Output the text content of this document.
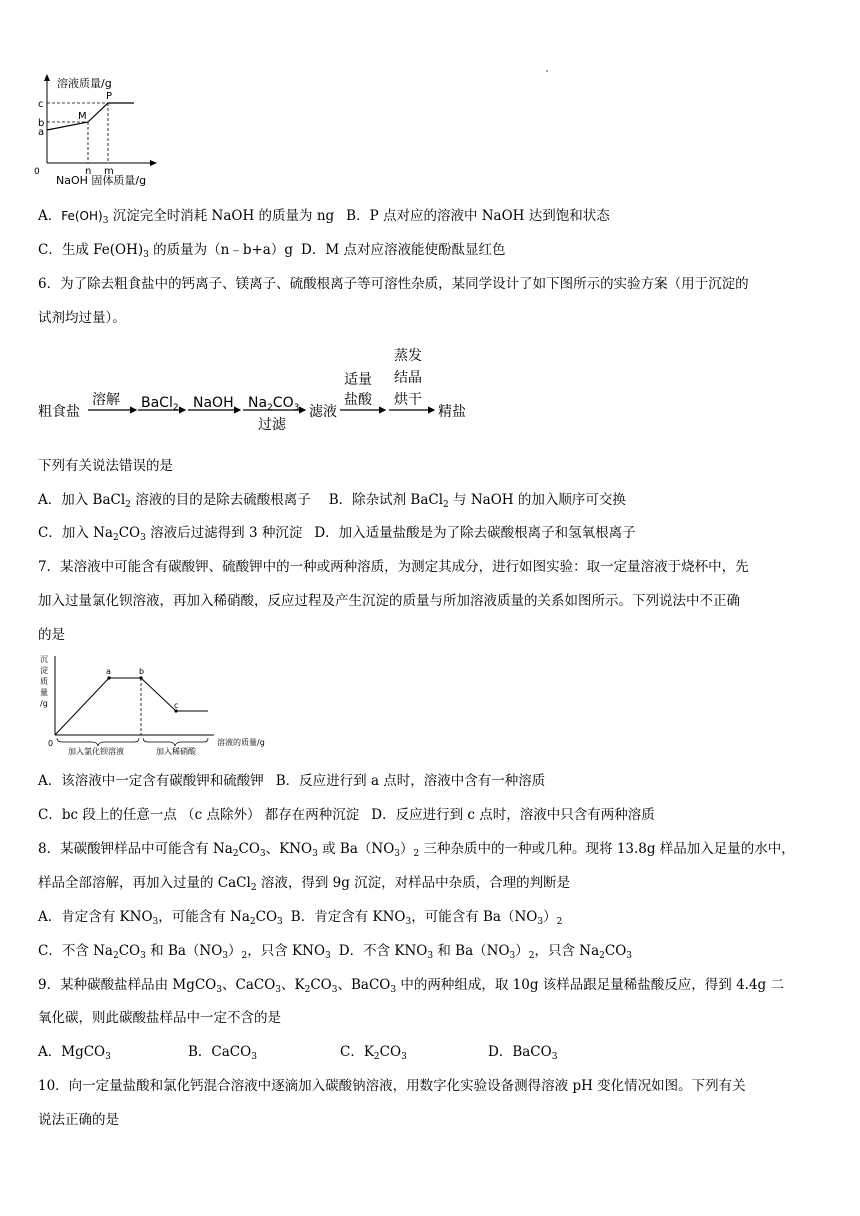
溶液质量/g
0
c
b
a
M
P
n m
NaOH 固体质量/g
A．$Fe(OH)_3$ 沉淀完全时消耗 NaOH 的质量为 ng B．P 点对应的溶液中 NaOH 达到饱和状态
C．生成 $Fe(OH)_3$ 的质量为（n﹣b+a）g D．M 点对应溶液能使酚酞显红色
6．为了除去粗食盐中的钙离子、镁离子、硫酸根离子等可溶性杂质，某同学设计了如下图所示的实验方案（用于沉淀的
试剂均过量）。
粗食盐
溶解 BaCl$_2$ NaOH $Na_2CO_3$
过滤
滤液
适量
盐酸
蒸发
结晶
烘干
精盐
下列有关说法错误的是
A．加入 BaCl$_2$ 溶液的目的是除去硫酸根离子 B．除杂试剂 BaCl$_2$ 与 NaOH 的加入顺序可交换
C．加入 $Na_2CO_3$ 溶液后过滤得到 3 种沉淀 D．加入适量盐酸是为了除去碳酸根离子和氢氧根离子
7．某溶液中可能含有碳酸钾、硫酸钾中的一种或两种溶质，为测定其成分，进行如图实验：取一定量溶液于烧杯中，先
加入过量氯化钡溶液，再加入稀硝酸，反应过程及产生沉淀的质量与所加溶液质量的关系如图所示。下列说法中不正确
的是
沉
淀
质
量
/g
0
a	b
c
加入氯化钡溶液	加入稀硝酸
溶液的质量/g
A．该溶液中一定含有碳酸钾和硫酸钾 B．反应进行到 a 点时，溶液中含有一种溶质
C．bc 段上的任意一点 （c 点除外） 都存在两种沉淀 D．反应进行到 c 点时，溶液中只含有两种溶质
8．某碳酸钾样品中可能含有 $Na_2CO_3$、$KNO_3$ 或 $Ba(NO_3)_2$ 三种杂质中的一种或几种。现将 13.8g 样品加入足量的水中，
样品全部溶解，再加入过量的 CaCl$_2$ 溶液，得到 9g 沉淀，对样品中杂质，合理的判断是
A．肯定含有 $KNO_3$，可能含有 $Na_2CO_3$ B．肯定含有 $KNO_3$，可能含有 $Ba(NO_3)_2$
C．不含 $Na_2CO_3$ 和 $Ba(NO_3)_2$，只含 $KNO_3$ D．不含 $KNO_3$ 和 $Ba(NO_3)_2$，只含 $Na_2CO_3$
9．某种碳酸盐样品由 MgCO$_3$、CaCO$_3$、$K_2CO_3$、BaCO$_3$ 中的两种组成，取 10g 该样品跟足量稀盐酸反应，得到 4.4g 二
氧化碳，则此碳酸盐样品中一定不含的是
A．MgCO$_3$	B．CaCO$_3$	C．$K_2CO_3$	D．BaCO$_3$
10．向一定量盐酸和氯化钙混合溶液中逐滴加入碳酸钠溶液，用数字化实验设备测得溶液 pH 变化情况如图。下列有关
说法正确的是
